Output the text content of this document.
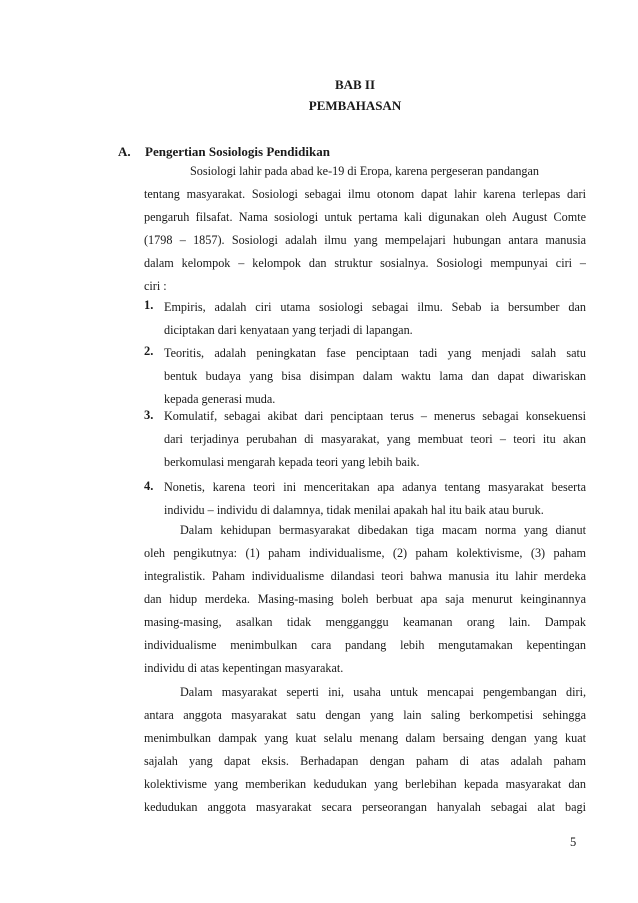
BAB II
PEMBAHASAN
A. Pengertian Sosiologis Pendidikan
Sosiologi lahir pada abad ke-19 di Eropa, karena pergeseran pandangan
tentang masyarakat. Sosiologi sebagai ilmu otonom dapat lahir karena terlepas dari
pengaruh filsafat. Nama sosiologi untuk pertama kali digunakan oleh August Comte
(1798 – 1857). Sosiologi adalah ilmu yang mempelajari hubungan antara manusia
dalam kelompok – kelompok dan struktur sosialnya. Sosiologi mempunyai ciri –
ciri :
1. Empiris, adalah ciri utama sosiologi sebagai ilmu. Sebab ia bersumber dan
diciptakan dari kenyataan yang terjadi di lapangan.
2. Teoritis, adalah peningkatan fase penciptaan tadi yang menjadi salah satu
bentuk budaya yang bisa disimpan dalam waktu lama dan dapat diwariskan
kepada generasi muda.
3. Komulatif, sebagai akibat dari penciptaan terus – menerus sebagai konsekuensi
dari terjadinya perubahan di masyarakat, yang membuat teori – teori itu akan
berkomulasi mengarah kepada teori yang lebih baik.
4. Nonetis, karena teori ini menceritakan apa adanya tentang masyarakat beserta
individu – individu di dalamnya, tidak menilai apakah hal itu baik atau buruk.
Dalam kehidupan bermasyarakat dibedakan tiga macam norma yang dianut
oleh pengikutnya: (1) paham individualisme, (2) paham kolektivisme, (3) paham
integralistik. Paham individualisme dilandasi teori bahwa manusia itu lahir merdeka
dan hidup merdeka. Masing-masing boleh berbuat apa saja menurut keinginannya
masing-masing, asalkan tidak mengganggu keamanan orang lain. Dampak
individualisme menimbulkan cara pandang lebih mengutamakan kepentingan
individu di atas kepentingan masyarakat.
Dalam masyarakat seperti ini, usaha untuk mencapai pengembangan diri,
antara anggota masyarakat satu dengan yang lain saling berkompetisi sehingga
menimbulkan dampak yang kuat selalu menang dalam bersaing dengan yang kuat
sajalah yang dapat eksis. Berhadapan dengan paham di atas adalah paham
kolektivisme yang memberikan kedudukan yang berlebihan kepada masyarakat dan
kedudukan anggota masyarakat secara perseorangan hanyalah sebagai alat bagi
5
